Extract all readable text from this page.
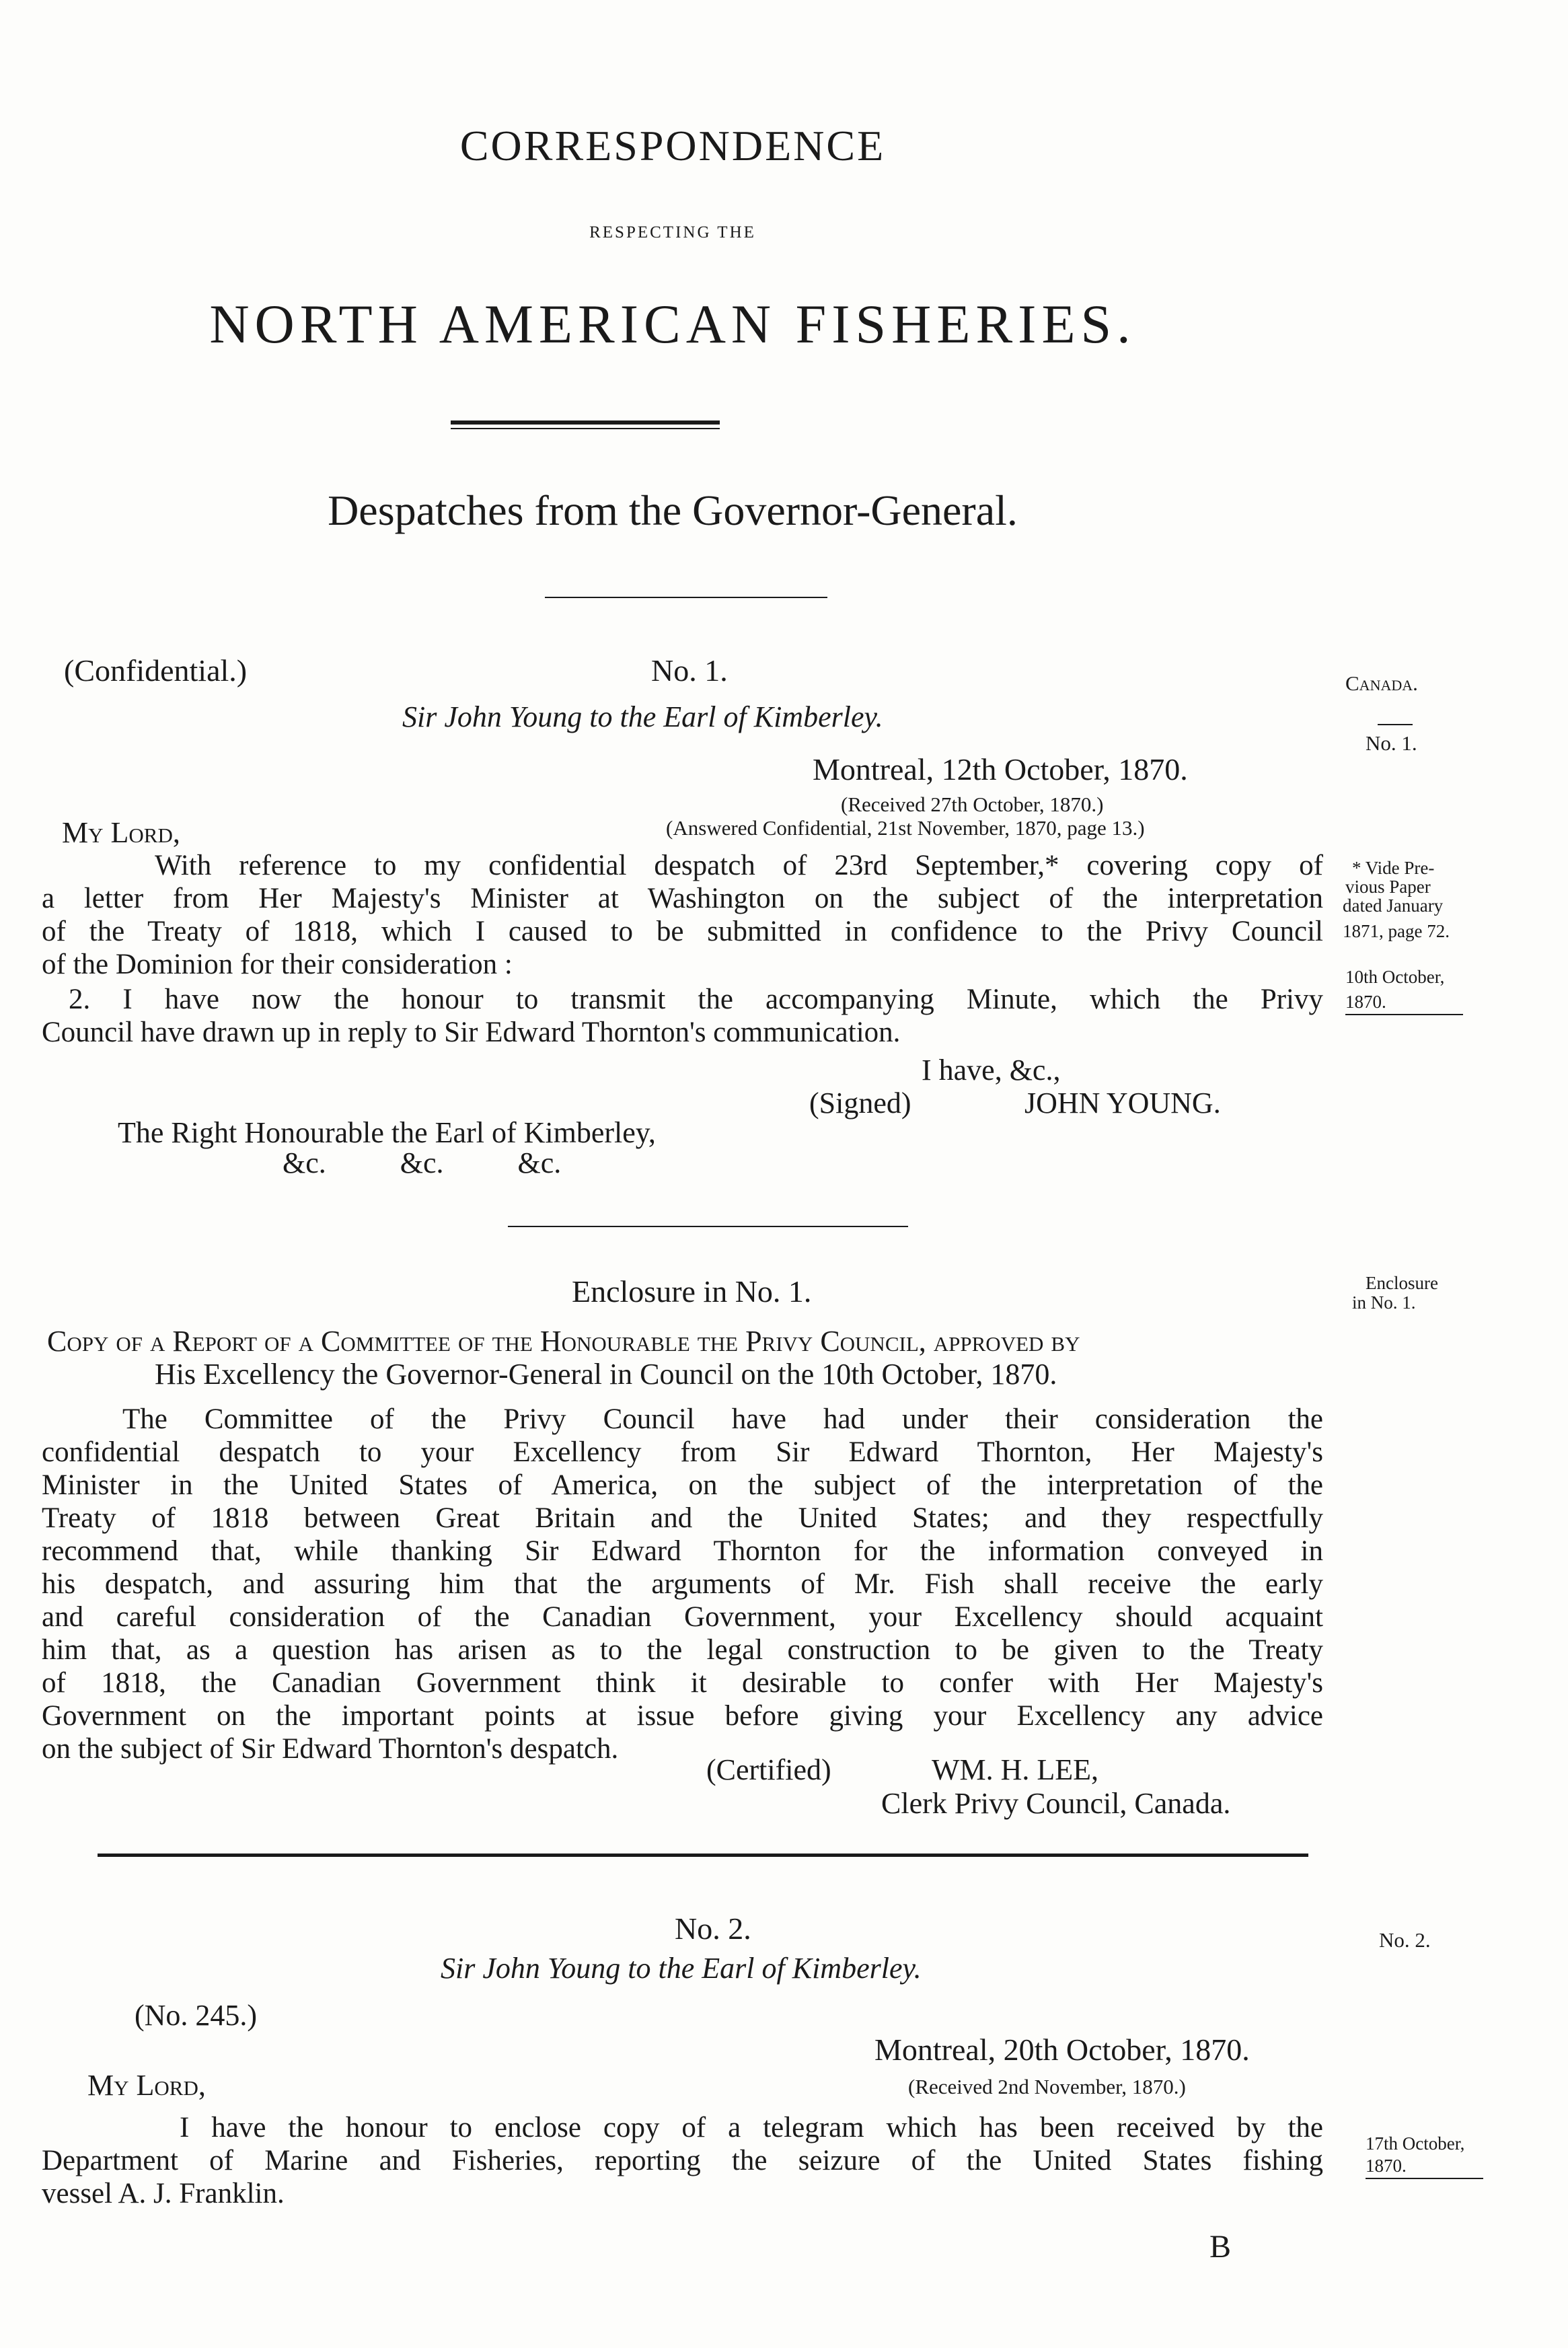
CORRESPONDENCE
RESPECTING THE
NORTH AMERICAN FISHERIES.
Despatches from the Governor-General.
(Confidential.)	No. 1.
Sir John Young to the Earl of Kimberley.
Montreal, 12th October, 1870.
(Received 27th October, 1870.)
(Answered Confidential, 21st November, 1870, page 13.)
My Lord,
Canada.
No. 1.
* Vide Pre-
vious Paper
dated January
1871, page 72.
10th October,
1870.
With reference to my confidential despatch of 23rd September,* covering copy of
a letter from Her Majesty's Minister at Washington on the subject of the interpretation
of the Treaty of 1818, which I caused to be submitted in confidence to the Privy Council
of the Dominion for their consideration :
2. I have now the honour to transmit the accompanying Minute, which the Privy
Council have drawn up in reply to Sir Edward Thornton's communication.
I have, &c.,
(Signed)	JOHN YOUNG.
The Right Honourable the Earl of Kimberley,
&c.          &c.          &c.
Enclosure in No. 1.	Enclosure
in No. 1.
Copy of a Report of a Committee of the Honourable the Privy Council, approved by
His Excellency the Governor-General in Council on the 10th October, 1870.
The Committee of the Privy Council have had under their consideration the
confidential despatch to your Excellency from Sir Edward Thornton, Her Majesty's
Minister in the United States of America, on the subject of the interpretation of the
Treaty of 1818 between Great Britain and the United States; and they respectfully
recommend that, while thanking Sir Edward Thornton for the information conveyed in
his despatch, and assuring him that the arguments of Mr. Fish shall receive the early
and careful consideration of the Canadian Government, your Excellency should acquaint
him that, as a question has arisen as to the legal construction to be given to the Treaty
of 1818, the Canadian Government think it desirable to confer with Her Majesty's
Government on the important points at issue before giving your Excellency any advice
on the subject of Sir Edward Thornton's despatch.
(Certified)	WM. H. LEE,
Clerk Privy Council, Canada.
No. 2.	No. 2.
Sir John Young to the Earl of Kimberley.
(No. 245.)
Montreal, 20th October, 1870.
(Received 2nd November, 1870.)
My Lord,
I have the honour to enclose copy of a telegram which has been received by the
Department of Marine and Fisheries, reporting the seizure of the United States fishing
vessel A. J. Franklin.
17th October,
1870.
B
